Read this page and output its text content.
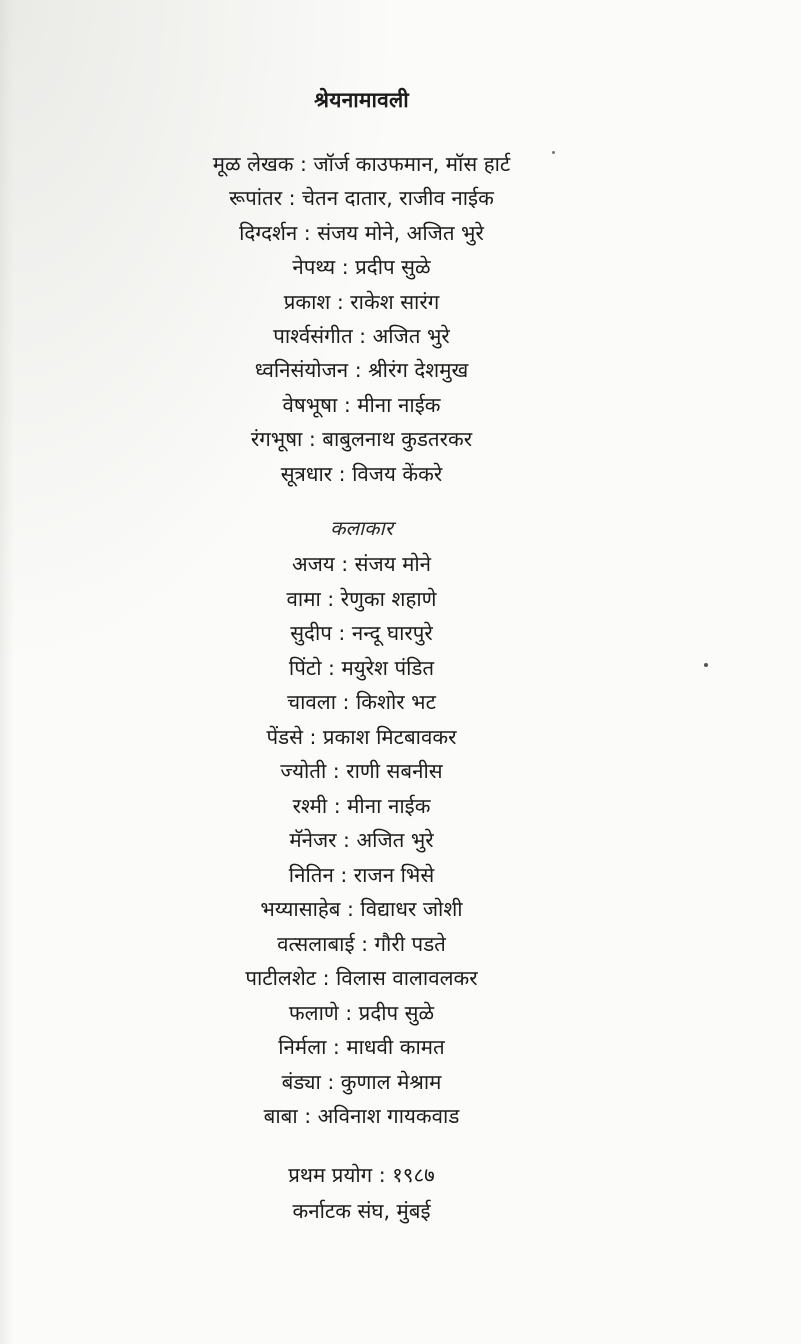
श्रेयनामावली
मूळ लेखक : जॉर्ज काउफमान, मॉस हार्ट
रूपांतर : चेतन दातार, राजीव नाईक
दिग्दर्शन : संजय मोने, अजित भुरे
नेपथ्य : प्रदीप सुळे
प्रकाश : राकेश सारंग
पार्श्वसंगीत : अजित भुरे
ध्वनिसंयोजन : श्रीरंग देशमुख
वेषभूषा : मीना नाईक
रंगभूषा : बाबुलनाथ कुडतरकर
सूत्रधार : विजय केंकरे
कलाकार
अजय : संजय मोने
वामा : रेणुका शहाणे
सुदीप : नन्दू घारपुरे
पिंटो : मयुरेश पंडित
चावला : किशोर भट
पेंडसे : प्रकाश मिटबावकर
ज्योती : राणी सबनीस
रश्मी : मीना नाईक
मॅनेजर : अजित भुरे
नितिन : राजन भिसे
भय्यासाहेब : विद्याधर जोशी
वत्सलाबाई : गौरी पडते
पाटीलशेट : विलास वालावलकर
फलाणे : प्रदीप सुळे
निर्मला : माधवी कामत
बंड्या : कुणाल मेश्राम
बाबा : अविनाश गायकवाड
प्रथम प्रयोग : १९८७
कर्नाटक संघ, मुंबई
